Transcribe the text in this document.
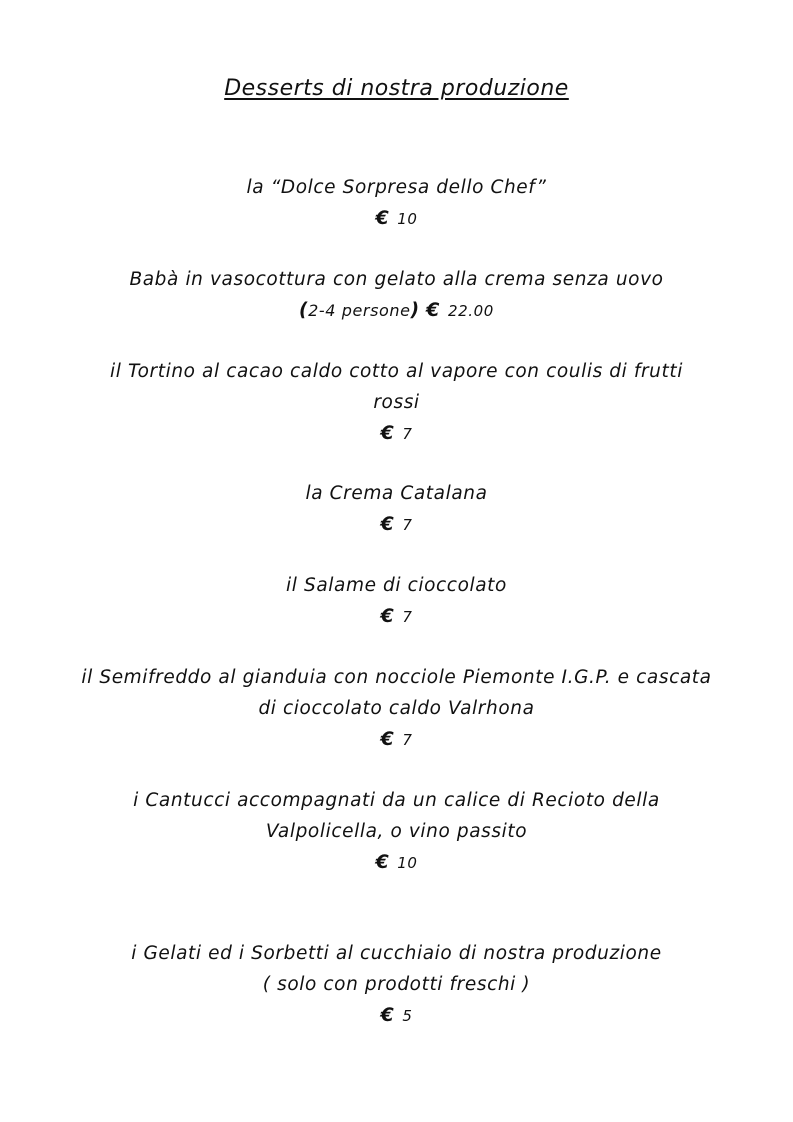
Desserts di nostra produzione
la “Dolce Sorpresa dello Chef”
€ 10
Babà in vasocottura con gelato alla crema senza uovo
(2-4 persone) € 22.00
il Tortino al cacao caldo cotto al vapore con coulis di frutti
rossi
€ 7
la Crema Catalana
€ 7
il Salame di cioccolato
€ 7
il Semifreddo al gianduia con nocciole Piemonte I.G.P. e cascata
di cioccolato caldo Valrhona
€ 7
i Cantucci accompagnati da un calice di Recioto della
Valpolicella, o vino passito
€ 10
i Gelati ed i Sorbetti al cucchiaio di nostra produzione
( solo con prodotti freschi )
€ 5
